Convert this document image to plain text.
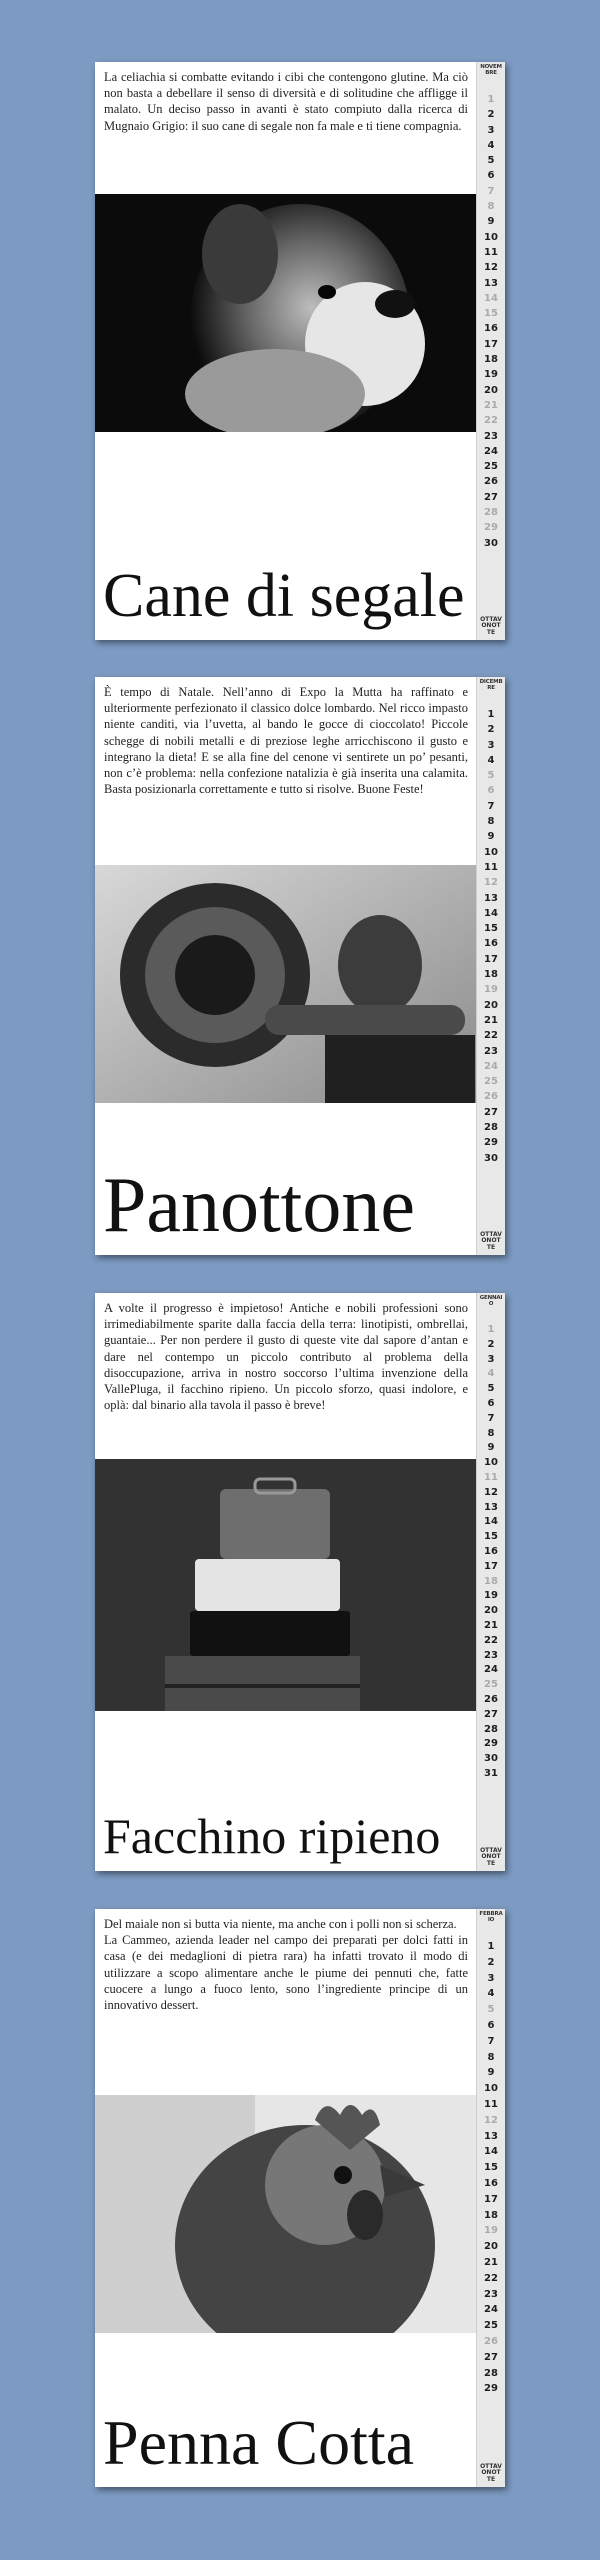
La celiachia si combatte evitando i cibi che contengono glutine. Ma ciò non basta a debellare il senso di diversità e di solitudine che affligge il malato. Un deciso passo in avanti è stato compiuto dalla ricerca di Mugnaio Grigio: il suo cane di segale non fa male e ti tiene compagnia.

Cane di segale
NOVEMBRE
1
2
3
4
5
6
7
8
9
10
11
12
13
14
15
16
17
18
19
20
21
22
23
24
25
26
27
28
29
30
OTTAVONOTTE

È tempo di Natale. Nell’anno di Expo la Mutta ha raffinato e ulteriormente perfezionato il classico dolce lombardo. Nel ricco impasto niente canditi, via l’uvetta, al bando le gocce di cioccolato! Piccole schegge di nobili metalli e di preziose leghe arricchiscono il gusto e integrano la dieta! E se alla fine del cenone vi sentirete un po’ pesanti, non c’è problema: nella confezione natalizia è già inserita una calamita. Basta posizionarla correttamente e tutto si risolve. Buone Feste!

Panottone
DICEMBRE
1
2
3
4
5
6
7
8
9
10
11
12
13
14
15
16
17
18
19
20
21
22
23
24
25
26
27
28
29
30
OTTAVONOTTE

A volte il progresso è impietoso! Antiche e nobili professioni sono irrimediabilmente sparite dalla faccia della terra: linotipisti, ombrellai, guantaie... Per non perdere il gusto di queste vite dal sapore d’antan e dare nel contempo un piccolo contributo al problema della disoccupazione, arriva in nostro soccorso l’ultima invenzione della VallePluga, il facchino ripieno. Un piccolo sforzo, quasi indolore, e oplà: dal binario alla tavola il passo è breve!

Facchino ripieno
GENNAIO
1
2
3
4
5
6
7
8
9
10
11
12
13
14
15
16
17
18
19
20
21
22
23
24
25
26
27
28
29
30
31
OTTAVONOTTE

Del maiale non si butta via niente, ma anche con i polli non si scherza.
La Cammeo, azienda leader nel campo dei preparati per dolci fatti in casa (e dei medaglioni di pietra rara) ha infatti trovato il modo di utilizzare a scopo alimentare anche le piume dei pennuti che, fatte cuocere a lungo a fuoco lento, sono l’ingrediente principe di un innovativo dessert.

Penna Cotta
FEBBRAIO
1
2
3
4
5
6
7
8
9
10
11
12
13
14
15
16
17
18
19
20
21
22
23
24
25
26
27
28
29
OTTAVONOTTE
